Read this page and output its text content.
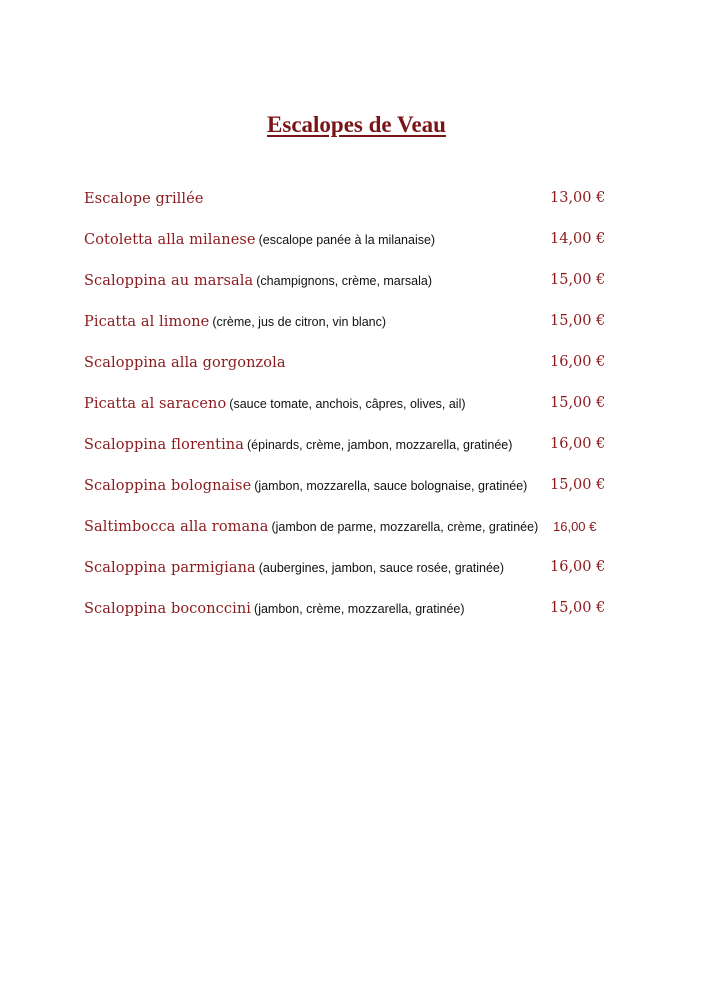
Escalopes de Veau
Escalope grillée	13,00 €
Cotoletta alla milanese (escalope panée à la milanaise)	14,00 €
Scaloppina au marsala (champignons, crème, marsala)	15,00 €
Picatta al limone (crème, jus de citron, vin blanc)	15,00 €
Scaloppina alla gorgonzola	16,00 €
Picatta al saraceno (sauce tomate, anchois, câpres, olives, ail)	15,00 €
Scaloppina florentina (épinards, crème, jambon, mozzarella, gratinée)	16,00 €
Scaloppina bolognaise (jambon, mozzarella, sauce bolognaise, gratinée) 15,00 €
Saltimbocca alla romana (jambon de parme, mozzarella, crème, gratinée) 16,00 €
Scaloppina parmigiana (aubergines, jambon, sauce rosée, gratinée)	16,00 €
Scaloppina boconccini (jambon, crème, mozzarella, gratinée)	15,00 €
